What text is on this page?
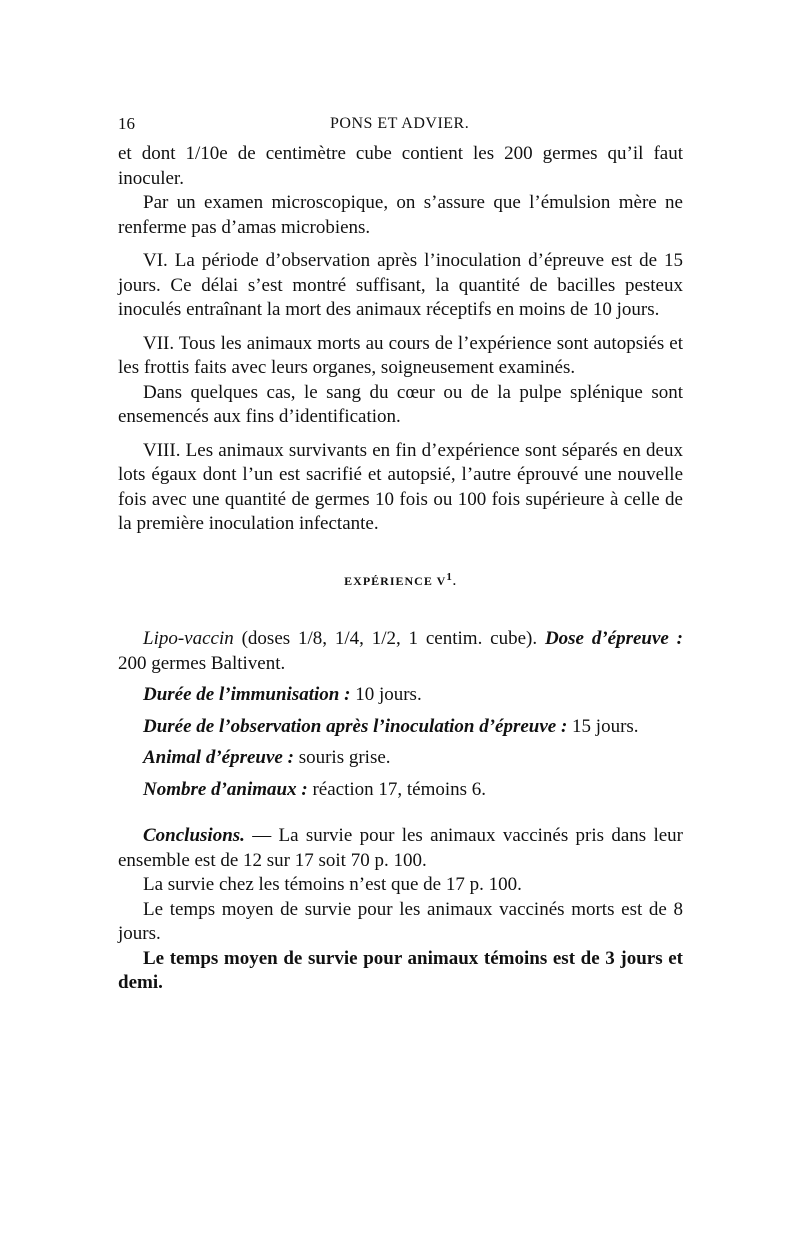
16	PONS ET ADVIER.

et dont 1/10e de centimètre cube contient les 200 germes qu’il faut inoculer.

Par un examen microscopique, on s’assure que l’émulsion mère ne renferme pas d’amas microbiens.

VI. La période d’observation après l’inoculation d’épreuve est de 15 jours. Ce délai s’est montré suffisant, la quantité de bacilles pesteux inoculés entraînant la mort des animaux réceptifs en moins de 10 jours.

VII. Tous les animaux morts au cours de l’expérience sont autopsiés et les frottis faits avec leurs organes, soigneusement examinés.

Dans quelques cas, le sang du cœur ou de la pulpe splénique sont ensemencés aux fins d’identification.

VIII. Les animaux survivants en fin d’expérience sont séparés en deux lots égaux dont l’un est sacrifié et autopsié, l’autre éprouvé une nouvelle fois avec une quantité de germes 10 fois ou 100 fois supérieure à celle de la première inoculation infectante.

EXPÉRIENCE $V^1$.

Lipo-vaccin (doses 1/8, 1/4, 1/2, 1 centim. cube). Dose d’épreuve : 200 germes Baltivent.

Durée de l’immunisation : 10 jours.

Durée de l’observation après l’inoculation d’épreuve : 15 jours.

Animal d’épreuve : souris grise.

Nombre d’animaux : réaction 17, témoins 6.

Conclusions. — La survie pour les animaux vaccinés pris dans leur ensemble est de 12 sur 17 soit 70 p. 100.

La survie chez les témoins n’est que de 17 p. 100.

Le temps moyen de survie pour les animaux vaccinés morts est de 8 jours.

Le temps moyen de survie pour animaux témoins est de 3 jours et demi.
